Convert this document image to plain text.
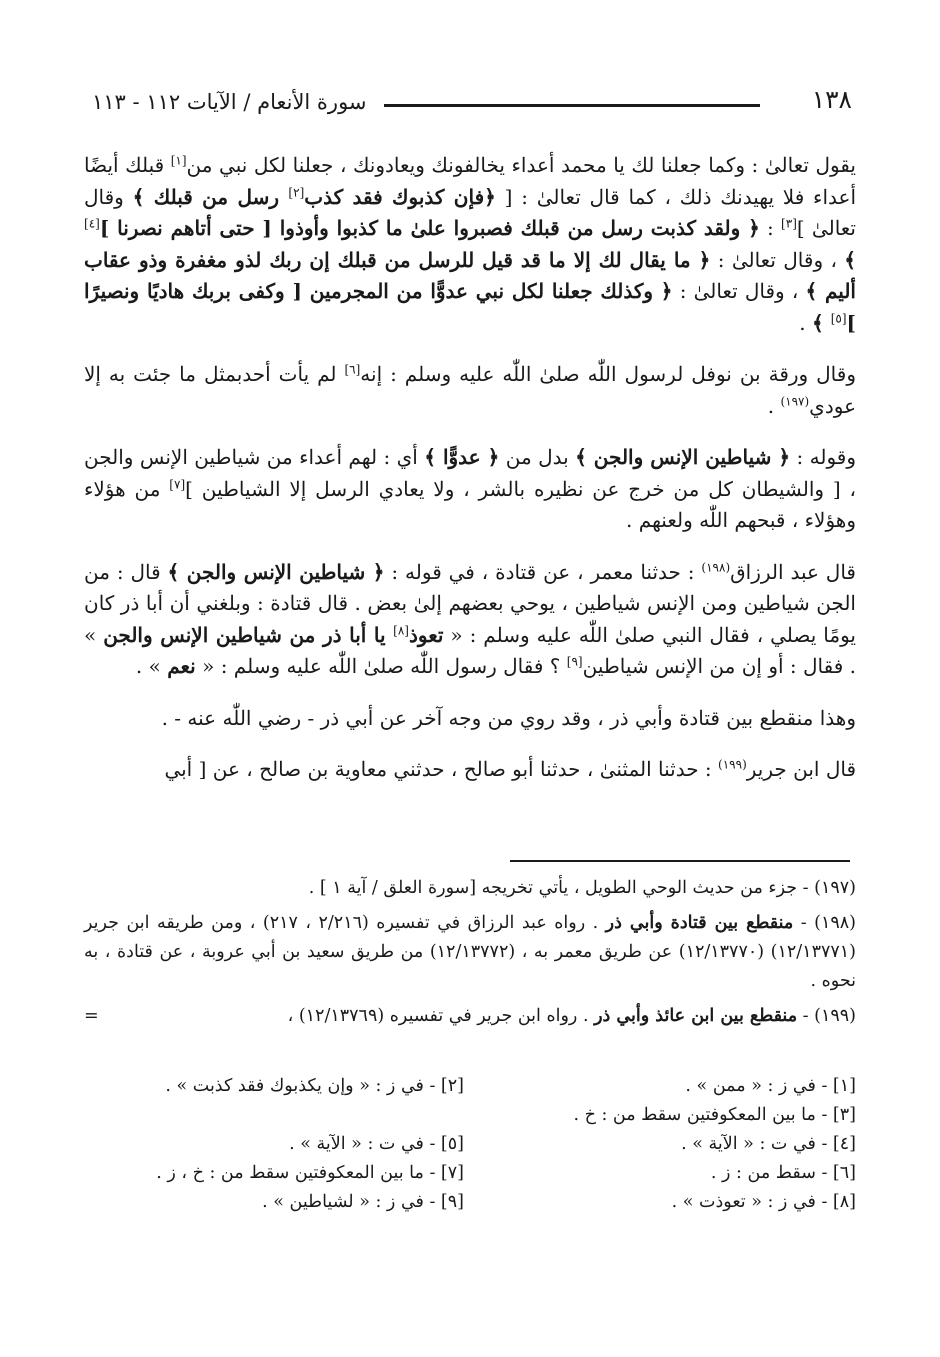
١٣٨
سورة الأنعام / الآيات ١١٢ - ١١٣

يقول تعالىٰ : وكما جعلنا لك يا محمد أعداء يخالفونك ويعادونك ، جعلنا لكل نبي من[١] قبلك أيضًا أعداء فلا يهيدنك ذلك ، كما قال تعالىٰ : [ ﴿فإن كذبوك فقد كذب[٢] رسل من قبلك ﴾ وقال تعالىٰ ][٣] : ﴿ ولقد كذبت رسل من قبلك فصبروا علىٰ ما كذبوا وأوذوا [ حتى أتاهم نصرنا ][٤] ﴾ ، وقال تعالىٰ : ﴿ ما يقال لك إلا ما قد قيل للرسل من قبلك إن ربك لذو مغفرة وذو عقاب أليم ﴾ ، وقال تعالىٰ : ﴿ وكذلك جعلنا لكل نبي عدوًّا من المجرمين [ وكفى بربك هاديًا ونصيرًا ][٥] ﴾ .

وقال ورقة بن نوفل لرسول اللّٰه صلىٰ اللّٰه عليه وسلم : إنه[٦] لم يأت أحدبمثل ما جئت به إلا عودي$^{(١٩٧)}$ .

وقوله : ﴿ شياطين الإنس والجن ﴾ بدل من ﴿ عدوًّا ﴾ أي : لهم أعداء من شياطين الإنس والجن ، [ والشيطان كل من خرج عن نظيره بالشر ، ولا يعادي الرسل إلا الشياطين ][٧] من هؤلاء وهؤلاء ، قبحهم اللّٰه ولعنهم .

قال عبد الرزاق$^{(١٩٨)}$ : حدثنا معمر ، عن قتادة ، في قوله : ﴿ شياطين الإنس والجن ﴾ قال : من الجن شياطين ومن الإنس شياطين ، يوحي بعضهم إلىٰ بعض . قال قتادة : وبلغني أن أبا ذر كان يومًا يصلي ، فقال النبي صلىٰ اللّٰه عليه وسلم : « تعوذ[٨] يا أبا ذر من شياطين الإنس والجن » . فقال : أو إن من الإنس شياطين[٩] ؟ فقال رسول اللّٰه صلىٰ اللّٰه عليه وسلم : « نعم » .

وهذا منقطع بين قتادة وأبي ذر ، وقد روي من وجه آخر عن أبي ذر - رضي اللّٰه عنه - .

قال ابن جرير$^{(١٩٩)}$ : حدثنا المثنىٰ ، حدثنا أبو صالح ، حدثني معاوية بن صالح ، عن [ أبي

(١٩٧) - جزء من حديث الوحي الطويل ، يأتي تخريجه [سورة العلق / آية ١ ] .

(١٩٨) - منقطع بين قتادة وأبي ذر . رواه عبد الرزاق في تفسيره (٢/٢١٦ ، ٢١٧) ، ومن طريقه ابن جرير (١٢/١٣٧٧١) (١٢/١٣٧٧٠) عن طريق معمر به ، (١٢/١٣٧٧٢) من طريق سعيد بن أبي عروبة ، عن قتادة ، به نحوه .

(١٩٩) - منقطع بين ابن عائذ وأبي ذر . رواه ابن جرير في تفسيره (١٢/١٣٧٦٩) ،
=

[١] - في ز : « ممن » .
[٣] - ما بين المعكوفتين سقط من : خ .
[٤] - في ت : « الآية » .
[٦] - سقط من : ز .
[٨] - في ز : « تعوذت » .
[٢] - في ز : « وإن يكذبوك فقد كذبت » .

[٥] - في ت : « الآية » .
[٧] - ما بين المعكوفتين سقط من : خ ، ز .
[٩] - في ز : « لشياطين » .
